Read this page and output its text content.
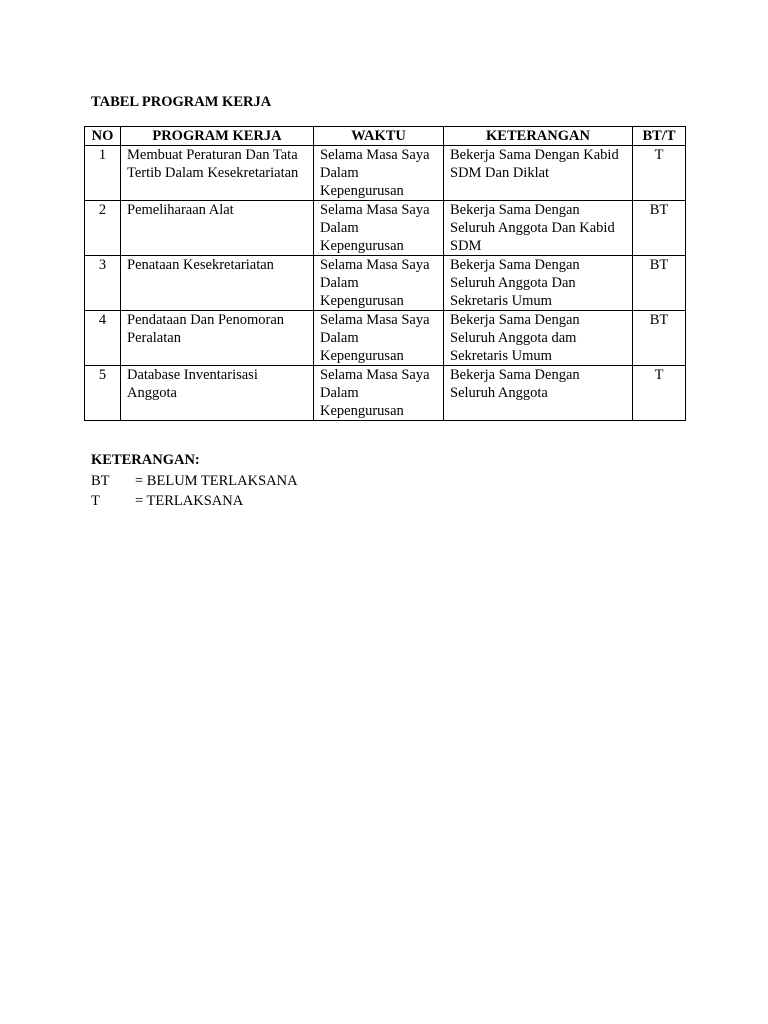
TABEL PROGRAM KERJA
NO	PROGRAM KERJA	WAKTU	KETERANGAN	BT/T
1	Membuat Peraturan Dan Tata Tertib Dalam Kesekretariatan	Selama Masa Saya Dalam Kepengurusan	Bekerja Sama Dengan Kabid SDM Dan Diklat	T
2	Pemeliharaan Alat	Selama Masa Saya Dalam Kepengurusan	Bekerja Sama Dengan Seluruh Anggota Dan Kabid SDM	BT
3	Penataan Kesekretariatan	Selama Masa Saya Dalam Kepengurusan	Bekerja Sama Dengan Seluruh Anggota Dan Sekretaris Umum	BT
4	Pendataan Dan Penomoran Peralatan	Selama Masa Saya Dalam Kepengurusan	Bekerja Sama Dengan Seluruh Anggota dam Sekretaris Umum	BT
5	Database Inventarisasi Anggota	Selama Masa Saya Dalam Kepengurusan	Bekerja Sama Dengan Seluruh Anggota	T
KETERANGAN:
BT	= BELUM TERLAKSANA
T	= TERLAKSANA
